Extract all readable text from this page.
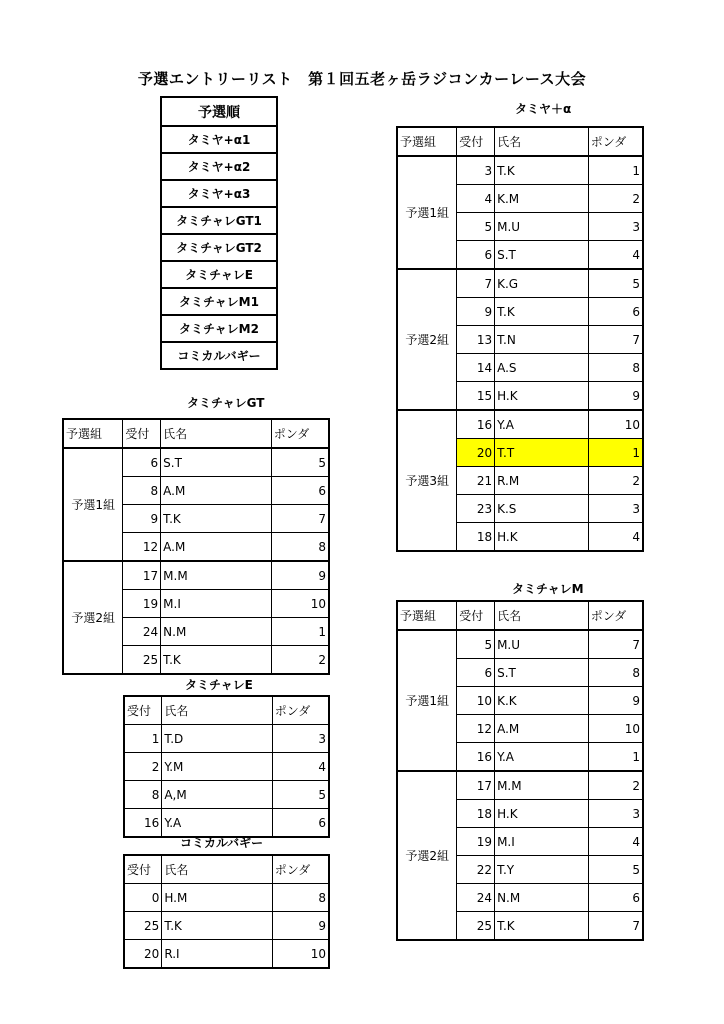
予選エントリーリスト　第１回五老ヶ岳ラジコンカーレース大会
予選順
タミヤ+α1
タミヤ+α2
タミヤ+α3
タミチャレGT1
タミチャレGT2
タミチャレE
タミチャレM1
タミチャレM2
コミカルバギー
タミヤ＋α
予選組	受付	氏名	ポンダ
予選1組	3	T.K	1
	4	K.M	2
	5	M.U	3
	6	S.T	4
予選2組	7	K.G	5
	9	T.K	6
	13	T.N	7
	14	A.S	8
	15	H.K	9
予選3組	16	Y.A	10
	20	T.T	1
	21	R.M	2
	23	K.S	3
	18	H.K	4
タミチャレGT
予選組	受付	氏名	ポンダ
予選1組	6	S.T	5
	8	A.M	6
	9	T.K	7
	12	A.M	8
予選2組	17	M.M	9
	19	M.I	10
	24	N.M	1
	25	T.K	2
タミチャレM
予選組	受付	氏名	ポンダ
予選1組	5	M.U	7
	6	S.T	8
	10	K.K	9
	12	A.M	10
	16	Y.A	1
予選2組	17	M.M	2
	18	H.K	3
	19	M.I	4
	22	T.Y	5
	24	N.M	6
	25	T.K	7
タミチャレE
受付	氏名	ポンダ
1	T.D	3
2	Y.M	4
8	A,M	5
16	Y.A	6
コミカルバギー
受付	氏名	ポンダ
0	H.M	8
25	T.K	9
20	R.I	10
